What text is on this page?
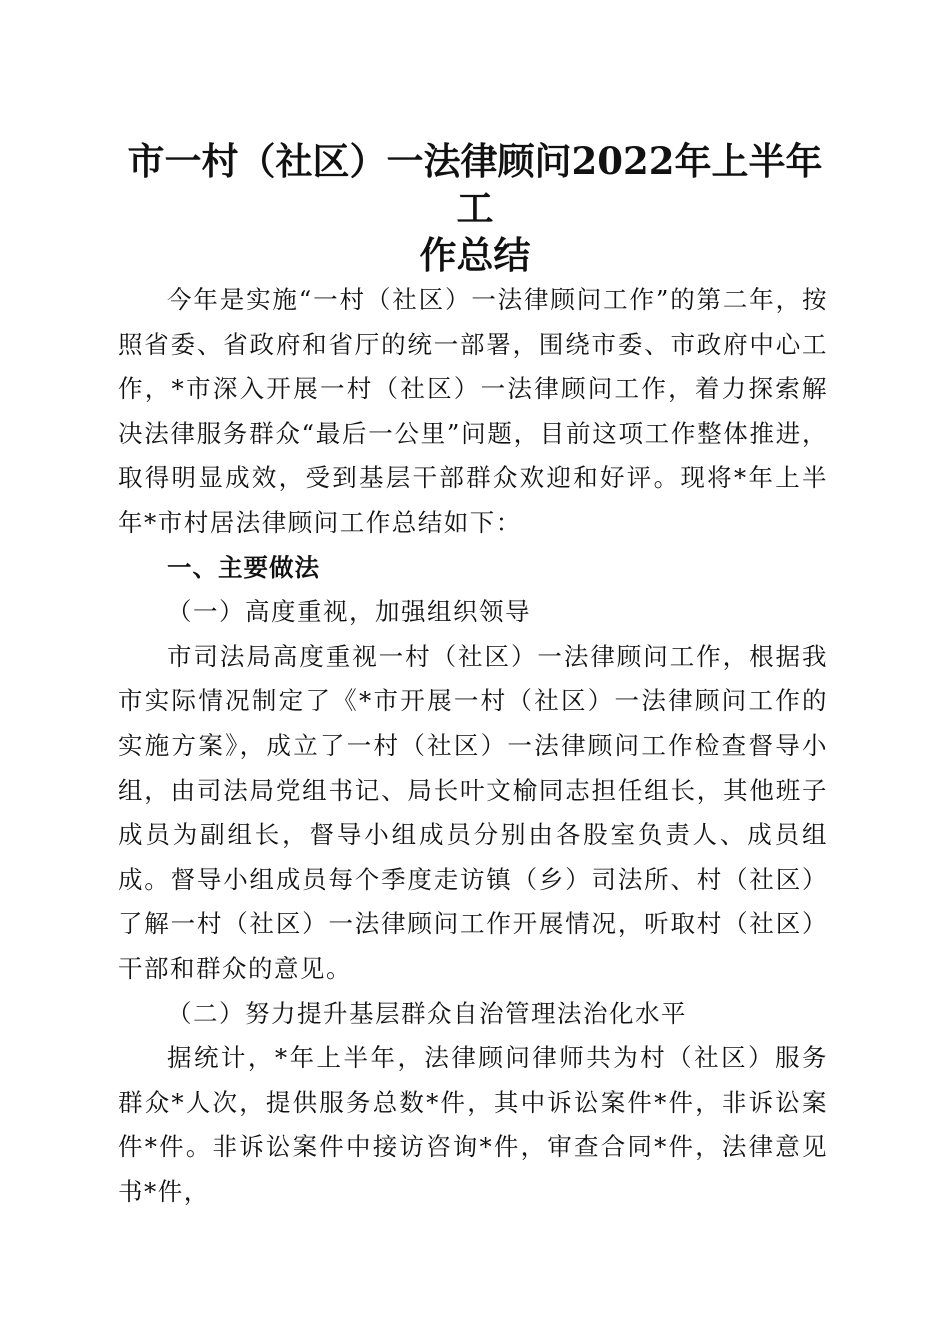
市一村（社区）一法律顾问2022年上半年工
作总结

今年是实施“一村（社区）一法律顾问工作”的第二年，按照省委、省政府和省厅的统一部署，围绕市委、市政府中心工作，*市深入开展一村（社区）一法律顾问工作，着力探索解决法律服务群众“最后一公里”问题，目前这项工作整体推进，取得明显成效，受到基层干部群众欢迎和好评。现将*年上半年*市村居法律顾问工作总结如下：

一、主要做法

（一）高度重视，加强组织领导

市司法局高度重视一村（社区）一法律顾问工作，根据我市实际情况制定了《*市开展一村（社区）一法律顾问工作的实施方案》，成立了一村（社区）一法律顾问工作检查督导小组，由司法局党组书记、局长叶文榆同志担任组长，其他班子成员为副组长，督导小组成员分别由各股室负责人、成员组成。督导小组成员每个季度走访镇（乡）司法所、村（社区）了解一村（社区）一法律顾问工作开展情况，听取村（社区）干部和群众的意见。

（二）努力提升基层群众自治管理法治化水平

据统计，*年上半年，法律顾问律师共为村（社区）服务群众*人次，提供服务总数*件，其中诉讼案件*件，非诉讼案件*件。非诉讼案件中接访咨询*件，审查合同*件，法律意见书*件，
